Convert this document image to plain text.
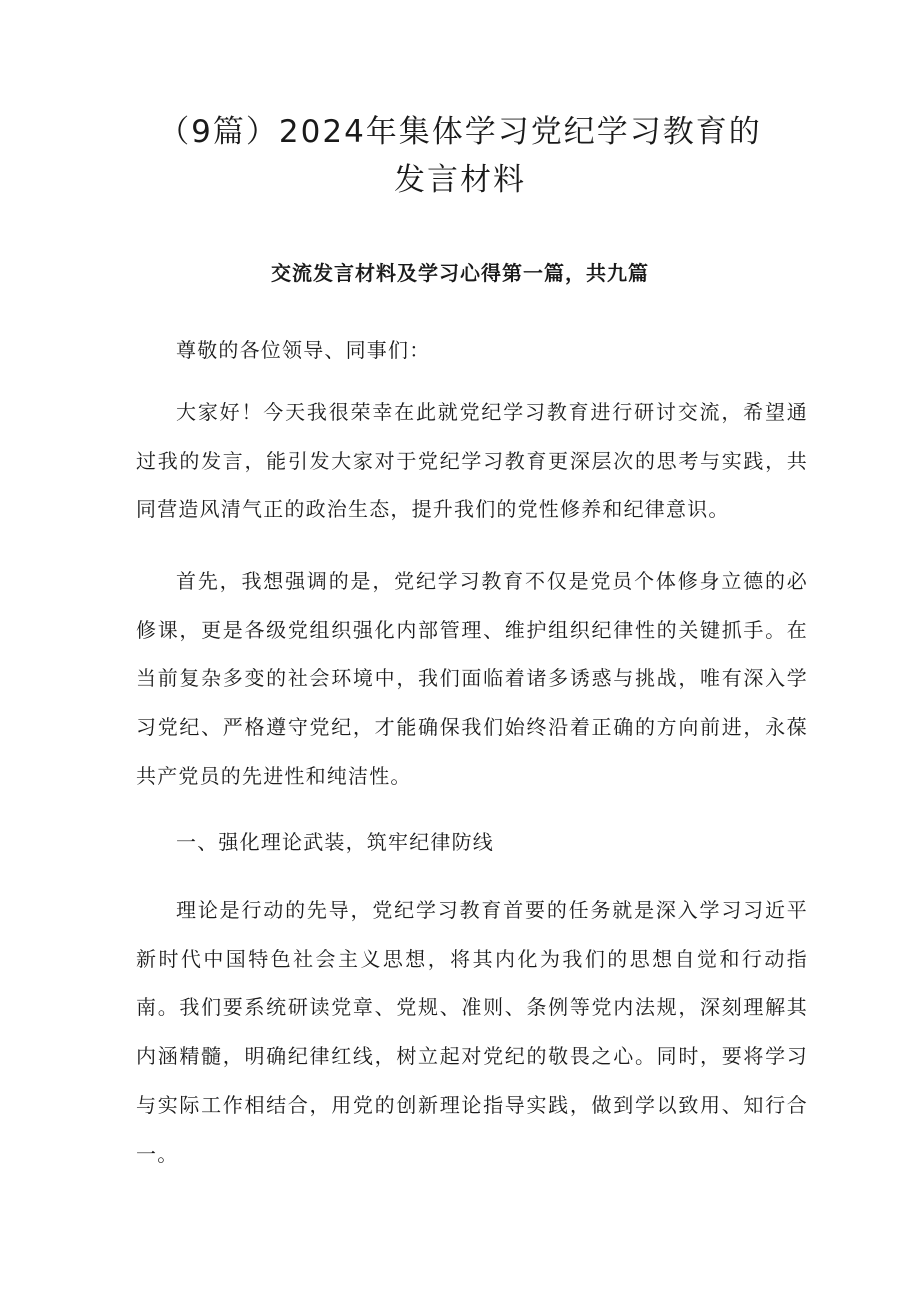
（9篇）2024年集体学习党纪学习教育的
发言材料
交流发言材料及学习心得第一篇，共九篇

尊敬的各位领导、同事们：

大家好！今天我很荣幸在此就党纪学习教育进行研讨交流，希望通过我的发言，能引发大家对于党纪学习教育更深层次的思考与实践，共同营造风清气正的政治生态，提升我们的党性修养和纪律意识。

首先，我想强调的是，党纪学习教育不仅是党员个体修身立德的必修课，更是各级党组织强化内部管理、维护组织纪律性的关键抓手。在当前复杂多变的社会环境中，我们面临着诸多诱惑与挑战，唯有深入学习党纪、严格遵守党纪，才能确保我们始终沿着正确的方向前进，永葆共产党员的先进性和纯洁性。

一、强化理论武装，筑牢纪律防线

理论是行动的先导，党纪学习教育首要的任务就是深入学习习近平新时代中国特色社会主义思想，将其内化为我们的思想自觉和行动指南。我们要系统研读党章、党规、准则、条例等党内法规，深刻理解其内涵精髓，明确纪律红线，树立起对党纪的敬畏之心。同时，要将学习与实际工作相结合，用党的创新理论指导实践，做到学以致用、知行合一。
